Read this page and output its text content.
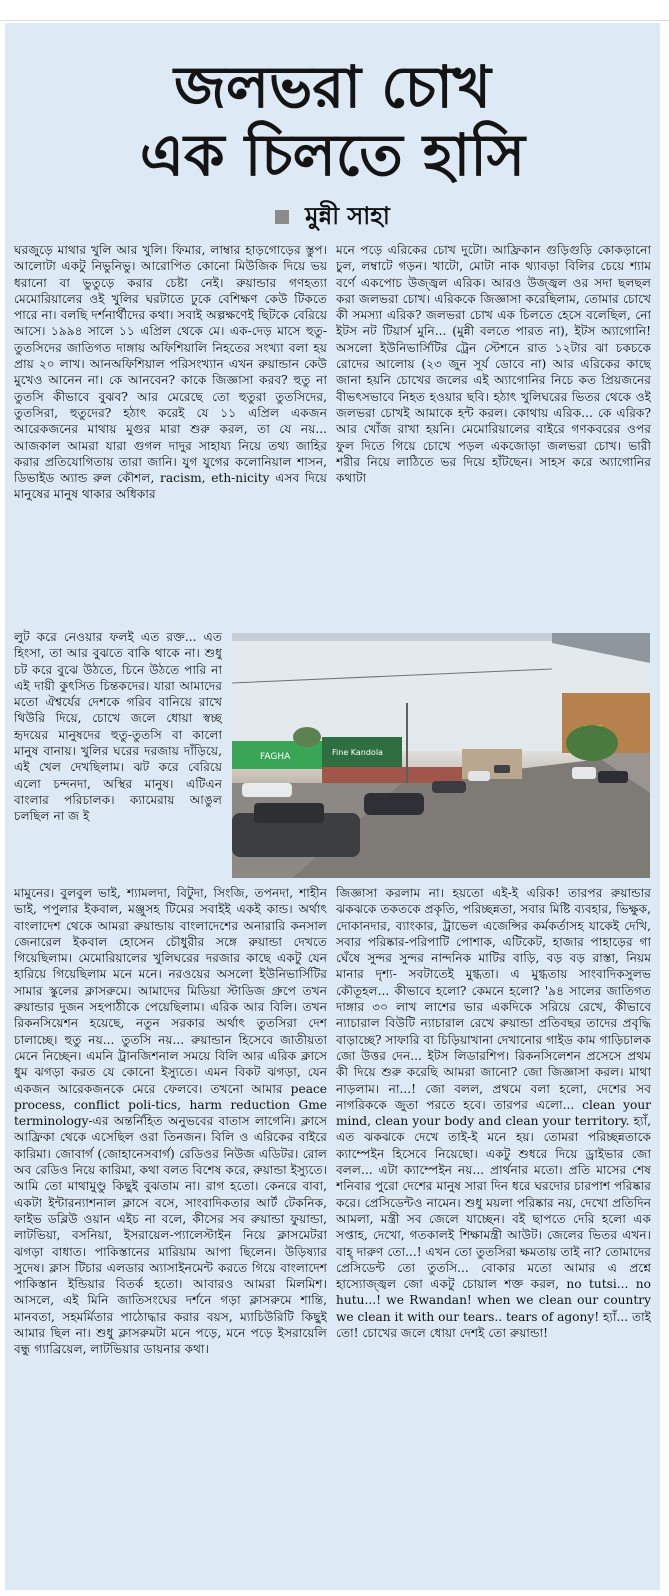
জলভরা চোখ
এক চিলতে হাসি
মুন্নী সাহা

ঘরজুড়ে মাথার খুলি আর খুলি। ফিমার, লাম্বার হাড়গোড়ের স্তুপ। আলোটা একটু নিভুনিভু। আরোপিত কোনো মিউজিক দিয়ে ভয় ধরানো বা ভুতুড়ে করার চেষ্টা নেই। রুয়ান্ডার গণহত্যা মেমোরিয়ালের ওই খুলির ঘরটাতে ঢুকে বেশিক্ষণ কেউ টিকতে পারে না। বলছি দর্শনার্থীদের কথা। সবাই অল্পক্ষণেই ছিটকে বেরিয়ে আসে। ১৯৯৪ সালে ১১ এপ্রিল থেকে মে। এক-দেড় মাসে হুতু-তুতসিদের জাতিগত দাঙ্গায় অফিশিয়ালি নিহতের সংখ্যা বলা হয় প্রায় ২০ লাখ। আনঅফিশিয়াল পরিসংখ্যান এখন রুয়ান্ডান কেউ মুখেও আনেন না। কে আনবেন? কাকে জিজ্ঞাসা করব? হুতু না তুতসি কীভাবে বুঝব? আর মেরেছে তো হুতুরা তুতসিদের, তুতসিরা, হুতুদের? হঠাৎ করেই যে ১১ এপ্রিল একজন আরেকজনের মাথায় মুগুর মারা শুরু করল, তা যে নয়... আজকাল আমরা যারা গুগল দাদুর সাহায্য নিয়ে তথ্য জাহির করার প্রতিযোগিতায় তারা জানি। যুগ যুগের কলোনিয়াল শাসন, ডিভাইড অ্যান্ড রুল কৌশল, racism, eth-nicity এসব দিয়ে মানুষের মানুষ থাকার অধিকার

লুট করে নেওয়ার ফলই এত রক্ত... এত হিংসা, তা আর বুঝতে বাকি থাকে না। শুধু চট করে বুঝে উঠতে, চিনে উঠতে পারি না এই দায়ী কুৎসিত চিন্তকদের। যারা আমাদের মতো ঐশ্বর্যের দেশকে গরিব বানিয়ে রাখে থিউরি দিয়ে, চোখে জলে ধোয়া স্বচ্ছ হৃদয়ের মানুষদের হুতু-তুতসি বা কালো মানুষ বানায়। খুলির ঘরের দরজায় দাঁড়িয়ে, এই খেল দেখছিলাম। ঝট করে বেরিয়ে এলো চন্দনদা, অস্থির মানুষ। এটিএন বাংলার পরিচালক। ক্যামেরায় আঙুল চলছিল না জ ই

মামুনের। বুলবুল ভাই, শ্যামলদা, বিটুদা, সিংজি, তপনদা, শাহীন ভাই, পপুলার ইকবাল, মঞ্জুসহ টিমের সবাইই একই কান্ড। অর্থাৎ বাংলাদেশ থেকে আমরা রুয়ান্ডায় বাংলাদেশের অনারারি কনসাল জেনারেল ইকবাল হোসেন চৌধুরীর সঙ্গে রুয়ান্ডা দেখতে গিয়েছিলাম। মেমোরিয়ালের খুলিঘরের দরজার কাছে একটু যেন হারিয়ে গিয়েছিলাম মনে মনে। নরওয়ের অসলো ইউনিভার্সিটির সামার স্কুলের ক্লাসরুমে। আমাদের মিডিয়া স্টাডিজ গ্রুপে তখন রুয়ান্ডার দুজন সহপাঠীকে পেয়েছিলাম। এরিক আর বিলি। তখন রিকনসিয়েশন হয়েছে, নতুন সরকার অর্থাৎ তুতসিরা দেশ চালাচ্ছে। হুতু নয়... তুতসি নয়... রুয়ান্ডান হিসেবে জাতীয়তা মেনে নিচ্ছেন। এমনি ট্রানজিশনাল সময়ে বিলি আর এরিক ক্লাসে ধুম ঝগড়া করত যে কোনো ইস্যুতে। এমন বিকট ঝগড়া, যেন একজন আরেকজনকে মেরে ফেলবে। তখনো আমার peace process, conflict poli-tics, harm reduction Gme terminology-এর অন্তর্নিহিত অনুভবের বাতাস লাগেনি। ক্লাসে আফ্রিকা থেকে এসেছিল ওরা তিনজন। বিলি ও এরিকের বাইরে কারিমা। জোবার্গ (জোহানেসবার্গ) রেডিওর নিউজ এডিটর। রোল অব রেডিও নিয়ে কারিমা, কথা বলত বিশেষ করে, রুয়ান্ডা ইস্যুতে। আমি তো মাথামুণ্ডু কিছুই বুঝতাম না। রাগ হতো। কেনরে বাবা, একটা ইন্টারন্যাশনাল ক্লাসে বসে, সাংবাদিকতার আর্ট টেকনিক, ফাইভ ডব্লিউ ওয়ান এইচ না বলে, কীসের সব রুয়ান্ডা ফুয়ান্ডা, লাটভিয়া, বসনিয়া, ইসরায়েল-প্যালেস্টাইন নিয়ে ক্লাসমেটরা ঝগড়া বাধাত। পাকিস্তানের মারিয়াম আপা ছিলেন। উড়িষ্যার সুদেষ। ক্লাস টিচার এলডার অ্যাসাইনমেন্ট করতে গিয়ে বাংলাদেশ পাকিস্তান ইন্ডিয়ার বিতর্ক হতো। আবারও আমরা মিলমিশ। আসলে, এই মিনি জাতিসংঘের দর্শনে গড়া ক্লাসরুমে শান্তি, মানবতা, সহমর্মিতার পাঠোদ্ধার করার বয়স, ম্যাচিউরিটি কিছুই আমার ছিল না। শুধু ক্লাসরুমটা মনে পড়ে, মনে পড়ে ইসরায়েলি বন্ধু গ্যাব্রিয়েল, লাটভিয়ার ডায়নার কথা।

মনে পড়ে এরিকের চোখ দুটো। আফ্রিকান গুড়িগুড়ি কোকড়ানো চুল, লম্বাটে গড়ন। খাটো, মোটা নাক থ্যাবড়া বিলির চেয়ে শ্যাম বর্ণে একপোচ উজ্জ্বল এরিক। আরও উজ্জ্বল ওর সদা ছলছল করা জলভরা চোখ। এরিককে জিজ্ঞাসা করেছিলাম, তোমার চোখে কী সমস্যা এরিক? জলভরা চোখ এক চিলতে হেসে বলেছিল, নো ইটস নট টিয়ার্স মুনি... (মুন্নী বলতে পারত না), ইটস অ্যাগোনি! অসলো ইউনিভার্সিটির ট্রেন স্টেশনে রাত ১২টার ঝা চকচকে রোদের আলোয় (২৩ জুন সূর্য ডোবে না) আর এরিকের কাছে জানা হয়নি চোখের জলের এই অ্যাগোনির নিচে কত প্রিয়জনের বীভৎসভাবে নিহত হওয়ার ছবি। হঠাৎ খুলিঘরের ভিতর থেকে ওই জলভরা চোখই আমাকে হন্ট করল। কোথায় এরিক... কে এরিক? আর খোঁজ রাখা হয়নি। মেমোরিয়ালের বাইরে গণকবরের ওপর ফুল দিতে গিয়ে চোখে পড়ল একজোড়া জলভরা চোখ। ভারী শরীর নিয়ে লাঠিতে ভর দিয়ে হাঁটছেন। সাহস করে অ্যাগোনির কথাটা

FAGHA	Fine Kandola

জিজ্ঞাসা করলাম না। হয়তো এই-ই এরিক! তারপর রুয়ান্ডার ঝকঝকে তকতকে প্রকৃতি, পরিচ্ছন্নতা, সবার মিষ্টি ব্যবহার, ভিক্ষুক, দোকানদার, ব্যাংকার, ট্রাভেল এজেন্সির কর্মকর্তাসহ যাকেই দেখি, সবার পরিষ্কার-পরিপাটি পোশাক, এটিকেট, হাজার পাহাড়ের গা ঘেঁষে সুন্দর সুন্দর নান্দনিক মাটির বাড়ি, বড় বড় রাস্তা, নিয়ম মানার দৃশ্য- সবটাতেই মুগ্ধতা। এ মুগ্ধতায় সাংবাদিকসুলভ কৌতূহল... কীভাবে হলো? কেমনে হলো? '৯৪ সালের জাতিগত দাঙ্গার ৩০ লাখ লাশের ভার একদিকে সরিয়ে রেখে, কীভাবে ন্যাচারাল বিউটি ন্যাচারাল রেখে রুয়ান্ডা প্রতিবছর তাদের প্রবৃদ্ধি বাড়াচ্ছে? সাফারি বা চিড়িয়াখানা দেখানোর গাইড কাম গাড়িচালক জো উত্তর দেন... ইটস লিডারশিপ। রিকনসিলেশন প্রসেসে প্রথম কী দিয়ে শুরু করেছি আমরা জানো? জো জিজ্ঞাসা করল। মাথা নাড়লাম। না...! জো বলল, প্রথমে বলা হলো, দেশের সব নাগরিককে জুতা পরতে হবে। তারপর এলো... clean your mind, clean your body and clean your territory. হ্যাঁ, এত ঝকঝকে দেখে তাই-ই মনে হয়। তোমরা পরিচ্ছন্নতাকে ক্যাম্পেইন হিসেবে নিয়েছো। একটু শুধরে দিয়ে ড্রাইভার জো বলল... এটা ক্যাম্পেইন নয়... প্রার্থনার মতো। প্রতি মাসের শেষ শনিবার পুরো দেশের মানুষ সারা দিন ধরে ঘরদোর চারপাশ পরিষ্কার করে। প্রেসিডেন্টও নামেন। শুধু ময়লা পরিষ্কার নয়, দেখো প্রতিদিন আমলা, মন্ত্রী সব জেলে যাচ্ছেন। বই ছাপতে দেরি হলো এক সপ্তাহ, দেখো, গতকালই শিক্ষামন্ত্রী আউট। জেলের ভিতর এখন। বাহ্‌ দারুণ তো...! এখন তো তুতসিরা ক্ষমতায় তাই না? তোমাদের প্রেসিডেন্ট তো তুতসি... বোকার মতো আমার এ প্রশ্নে হাস্যোজ্জ্বল জো একটু চোয়াল শক্ত করল, no tutsi... no hutu...! we Rwandan! when we clean our country we clean it with our tears.. tears of agony! হ্যাঁ... তাই তো! চোখের জলে ধোয়া দেশই তো রুয়ান্ডা!
